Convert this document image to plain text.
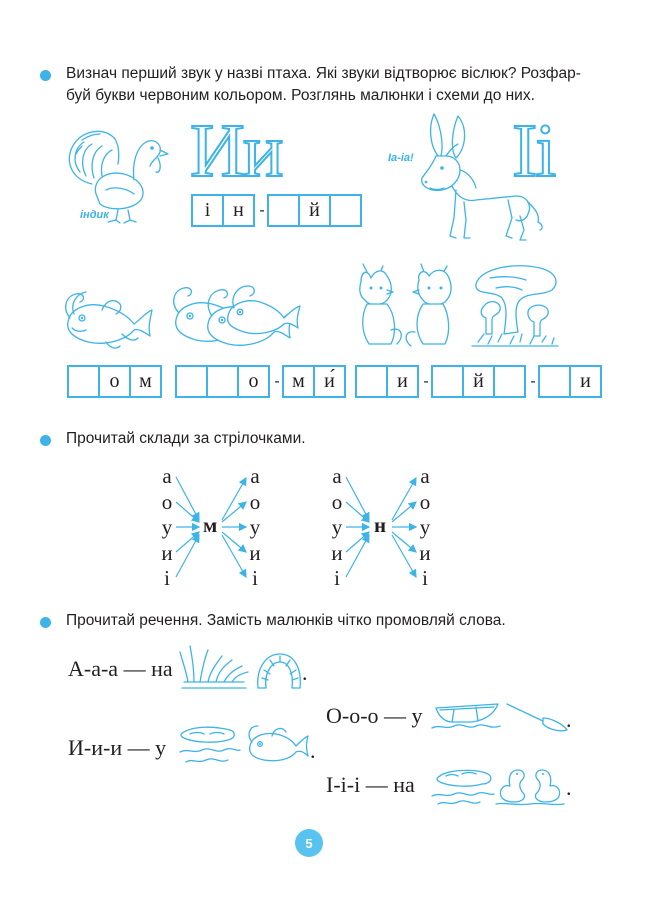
Визнач перший звук у назві птаха. Які звуки відтворює віслюк? Розфар-
буй букви червоним кольором. Розглянь малюнки і схеми до них.
індик
Ии
і	н -	й
Іа-іа! Іі
о м	о - м и́	и -	й	-	и
Прочитай склади за стрілочками.
а
о
у
и
і
м
а
о
у
и
і
а
о
у
и
і
н
а
о
у
и
і
Прочитай речення. Замість малюнків чітко промовляй слова.
А-а-а — на	.
О-о-о — у	.
И-и-и — у	.
І-і-і — на	.
5
